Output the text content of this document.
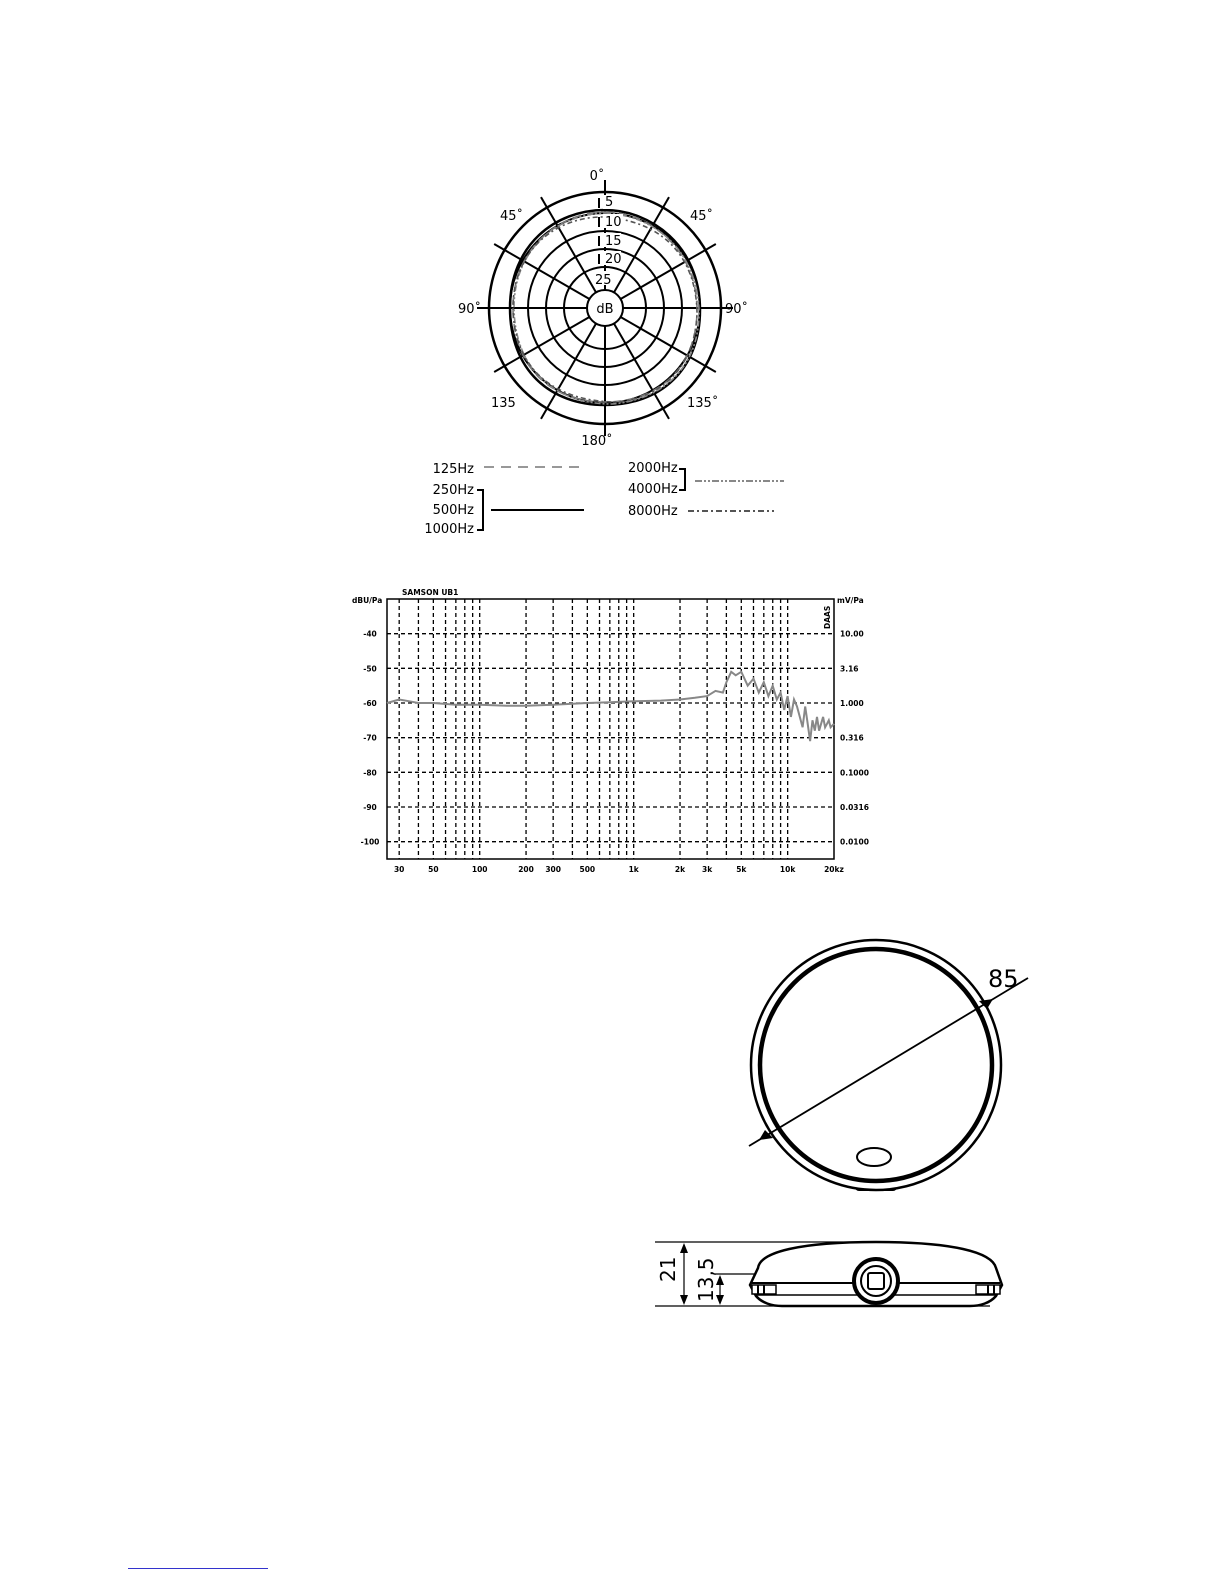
5
10
15
20
25
dB
0˚
45˚	45˚
90˚	90˚
135	135˚
180˚
125Hz
250Hz
500Hz
1000Hz
2000Hz
4000Hz
8000Hz
-40	10.00
-50	3.16
-60	1.000
-70	0.316
-80	0.1000
-90	0.0316
-100	0.0100
30	50	100	200 300 500	1k	2k 3k	5k	10k	20kz
SAMSON UB1
dBU/Pa	mV/Pa
DAAS
85
21 13,5
